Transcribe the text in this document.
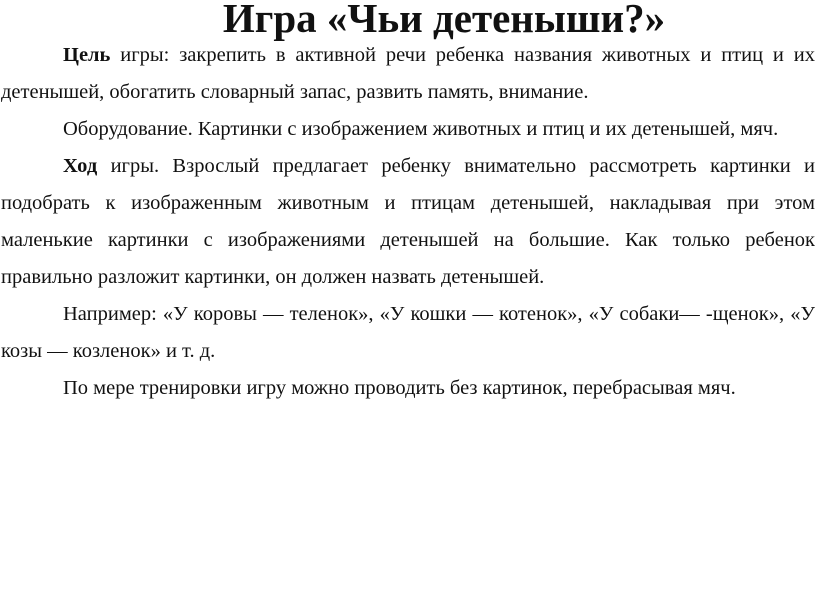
Игра «Чьи детеныши?»

Цель игры: закрепить в активной речи ребенка названия животных и птиц и их детенышей, обогатить словарный запас, развить память, внимание.

Оборудование. Картинки с изображением животных и птиц и их детенышей, мяч.

Ход игры. Взрослый предлагает ребенку внимательно рассмотреть картинки и подобрать к изображенным животным и птицам детенышей, накладывая при этом маленькие картинки с изображениями детенышей на большие. Как только ребенок правильно разложит картинки, он должен назвать детенышей.

Например: «У коровы — теленок», «У кошки — котенок», «У собаки— -щенок», «У козы — козленок» и т. д.

По мере тренировки игру можно проводить без картинок, перебрасывая мяч.
